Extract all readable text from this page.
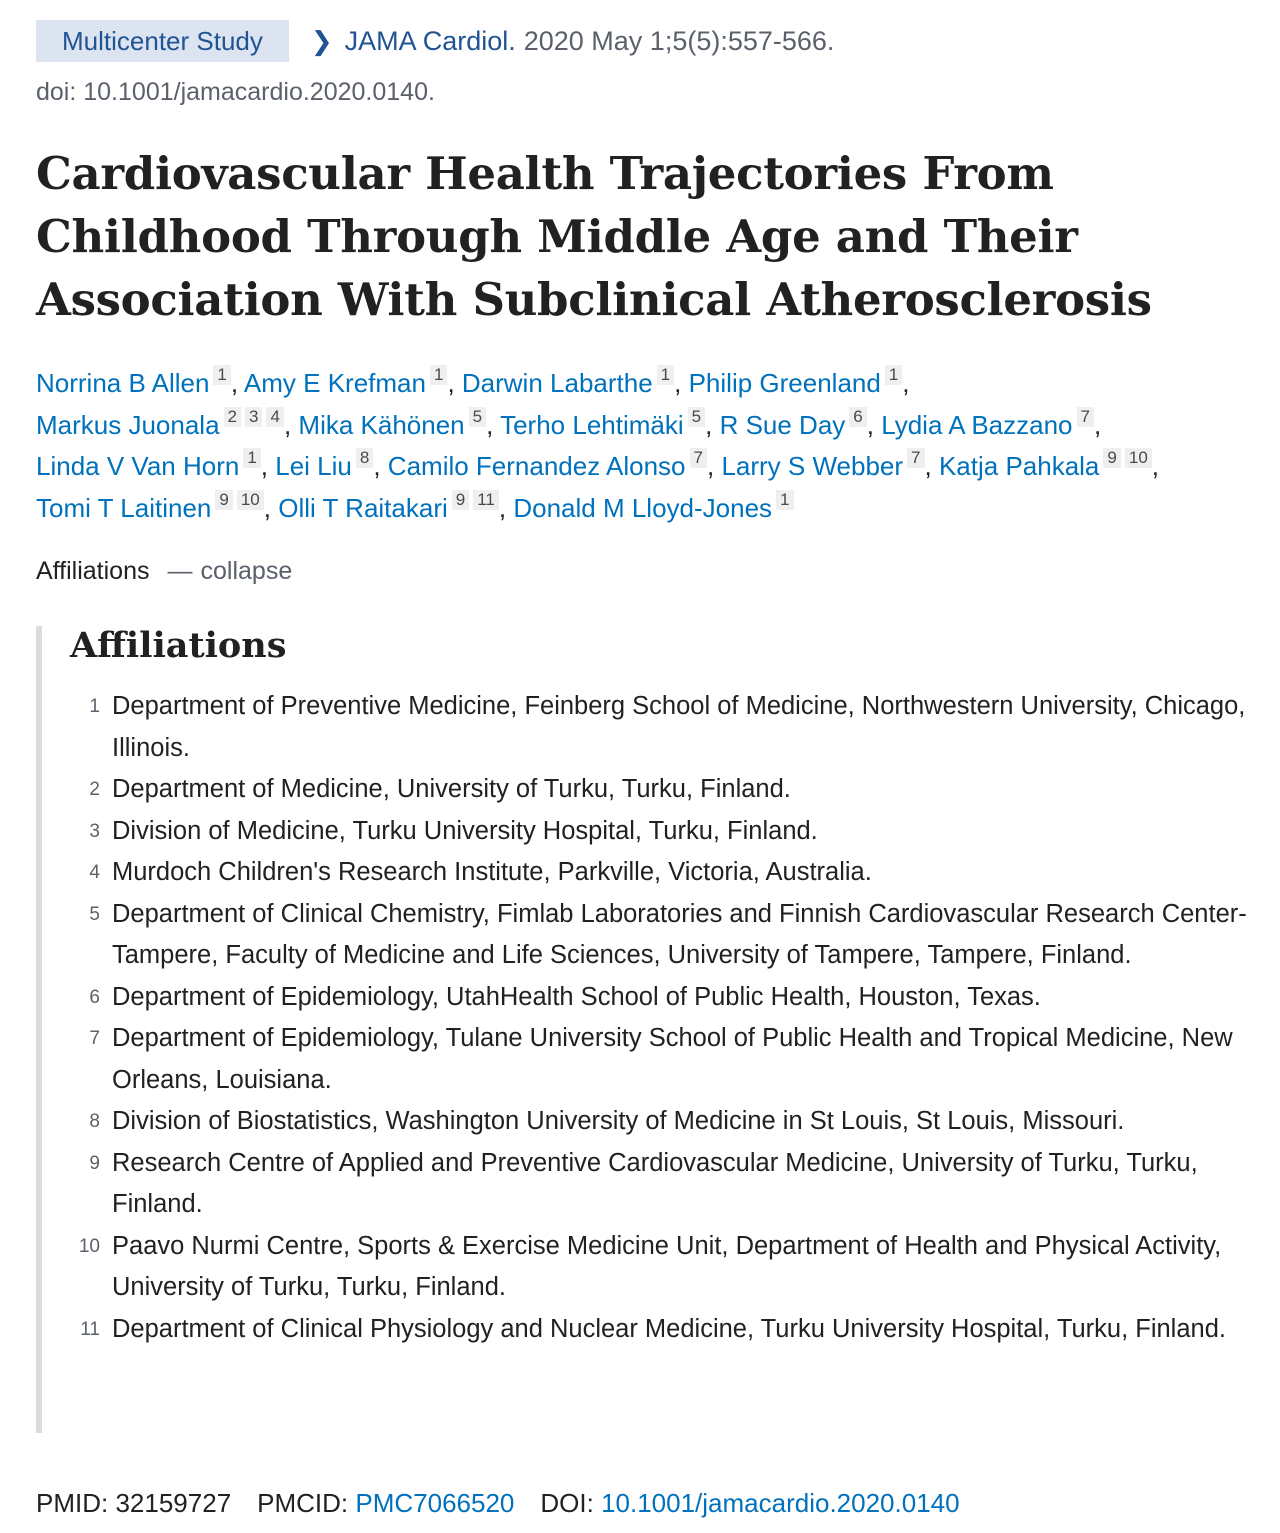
Multicenter Study	❯ JAMA Cardiol. 2020 May 1;5(5):557-566.
doi: 10.1001/jamacardio.2020.0140.
Cardiovascular Health Trajectories From Childhood Through Middle Age and Their Association With Subclinical Atherosclerosis
Norrina B Allen 1 , Amy E Krefman 1 , Darwin Labarthe 1 , Philip Greenland 1 ,
Markus Juonala 2 3 4 , Mika Kähönen 5 , Terho Lehtimäki 5 , R Sue Day 6 , Lydia A Bazzano 7 ,
Linda V Van Horn 1 , Lei Liu 8 , Camilo Fernandez Alonso 7 , Larry S Webber 7 , Katja Pahkala 9 10 ,
Tomi T Laitinen 9 10 , Olli T Raitakari 9 11 , Donald M Lloyd-Jones 1
Affiliations — collapse
Affiliations
1 Department of Preventive Medicine, Feinberg School of Medicine, Northwestern University, Chicago, Illinois.
2 Department of Medicine, University of Turku, Turku, Finland.
3 Division of Medicine, Turku University Hospital, Turku, Finland.
4 Murdoch Children's Research Institute, Parkville, Victoria, Australia.
5 Department of Clinical Chemistry, Fimlab Laboratories and Finnish Cardiovascular Research Center-Tampere, Faculty of Medicine and Life Sciences, University of Tampere, Tampere, Finland.
6 Department of Epidemiology, UtahHealth School of Public Health, Houston, Texas.
7 Department of Epidemiology, Tulane University School of Public Health and Tropical Medicine, New Orleans, Louisiana.
8 Division of Biostatistics, Washington University of Medicine in St Louis, St Louis, Missouri.
9 Research Centre of Applied and Preventive Cardiovascular Medicine, University of Turku, Turku, Finland.
10 Paavo Nurmi Centre, Sports & Exercise Medicine Unit, Department of Health and Physical Activity, University of Turku, Turku, Finland.
11 Department of Clinical Physiology and Nuclear Medicine, Turku University Hospital, Turku, Finland.
PMID: 32159727 PMCID: PMC7066520 DOI: 10.1001/jamacardio.2020.0140
